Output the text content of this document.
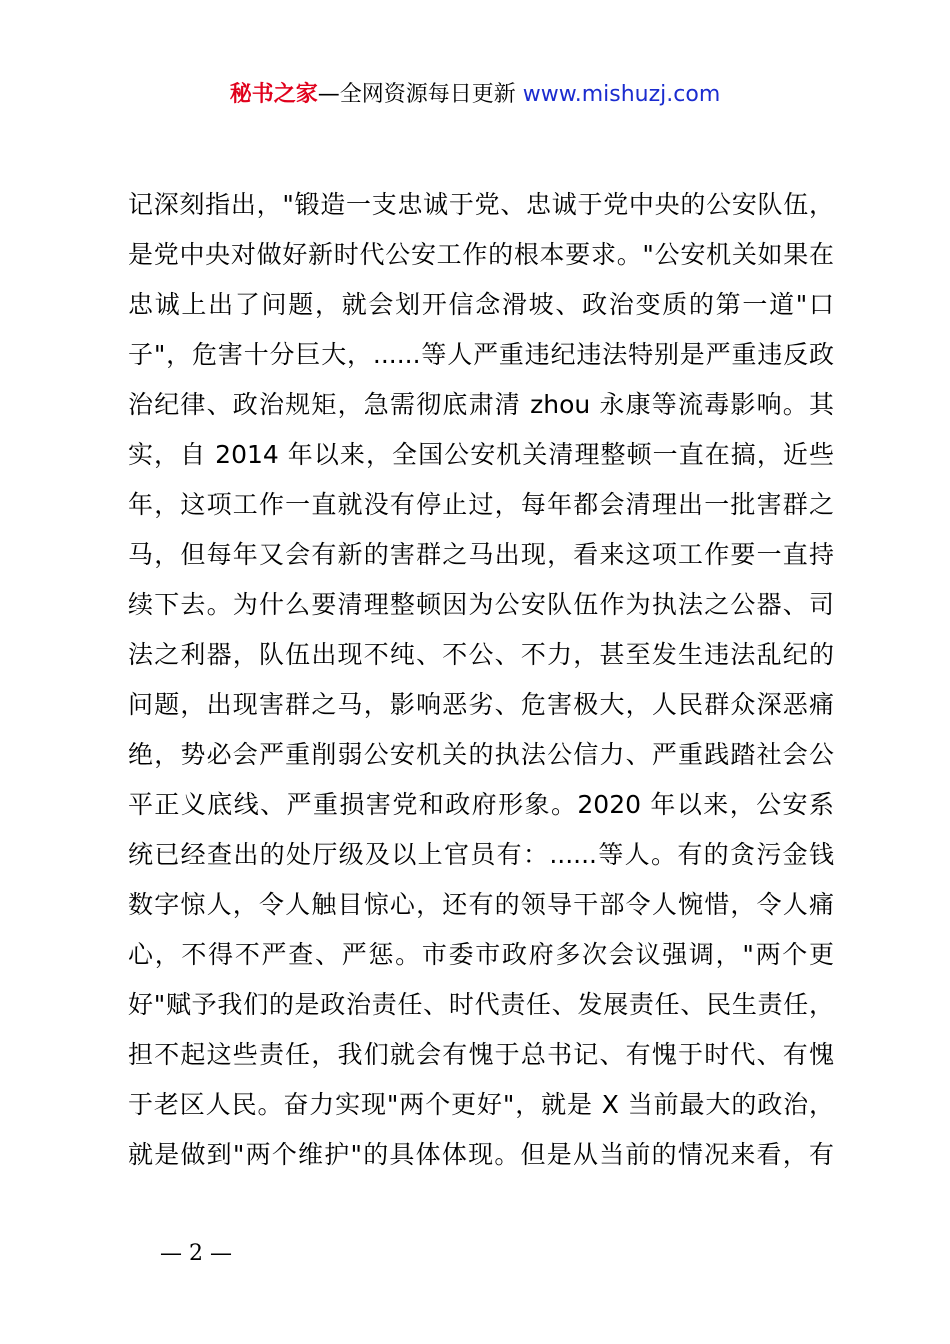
秘书之家—全网资源每日更新 www.mishuzj.com
记深刻指出，"锻造一支忠诚于党、忠诚于党中央的公安队伍，
是党中央对做好新时代公安工作的根本要求。"公安机关如果在
忠诚上出了问题，就会划开信念滑坡、政治变质的第一道"口
子"，危害十分巨大，......等人严重违纪违法特别是严重违反政
治纪律、政治规矩，急需彻底肃清 zhou 永康等流毒影响。其
实，自 2014 年以来，全国公安机关清理整顿一直在搞，近些
年，这项工作一直就没有停止过，每年都会清理出一批害群之
马，但每年又会有新的害群之马出现，看来这项工作要一直持
续下去。为什么要清理整顿因为公安队伍作为执法之公器、司
法之利器，队伍出现不纯、不公、不力，甚至发生违法乱纪的
问题，出现害群之马，影响恶劣、危害极大，人民群众深恶痛
绝，势必会严重削弱公安机关的执法公信力、严重践踏社会公
平正义底线、严重损害党和政府形象。2020 年以来，公安系
统已经查出的处厅级及以上官员有：......等人。有的贪污金钱
数字惊人，令人触目惊心，还有的领导干部令人惋惜，令人痛
心，不得不严查、严惩。市委市政府多次会议强调，"两个更
好"赋予我们的是政治责任、时代责任、发展责任、民生责任，
担不起这些责任，我们就会有愧于总书记、有愧于时代、有愧
于老区人民。奋力实现"两个更好"，就是 X 当前最大的政治，
就是做到"两个维护"的具体体现。但是从当前的情况来看，有
— 2 —
